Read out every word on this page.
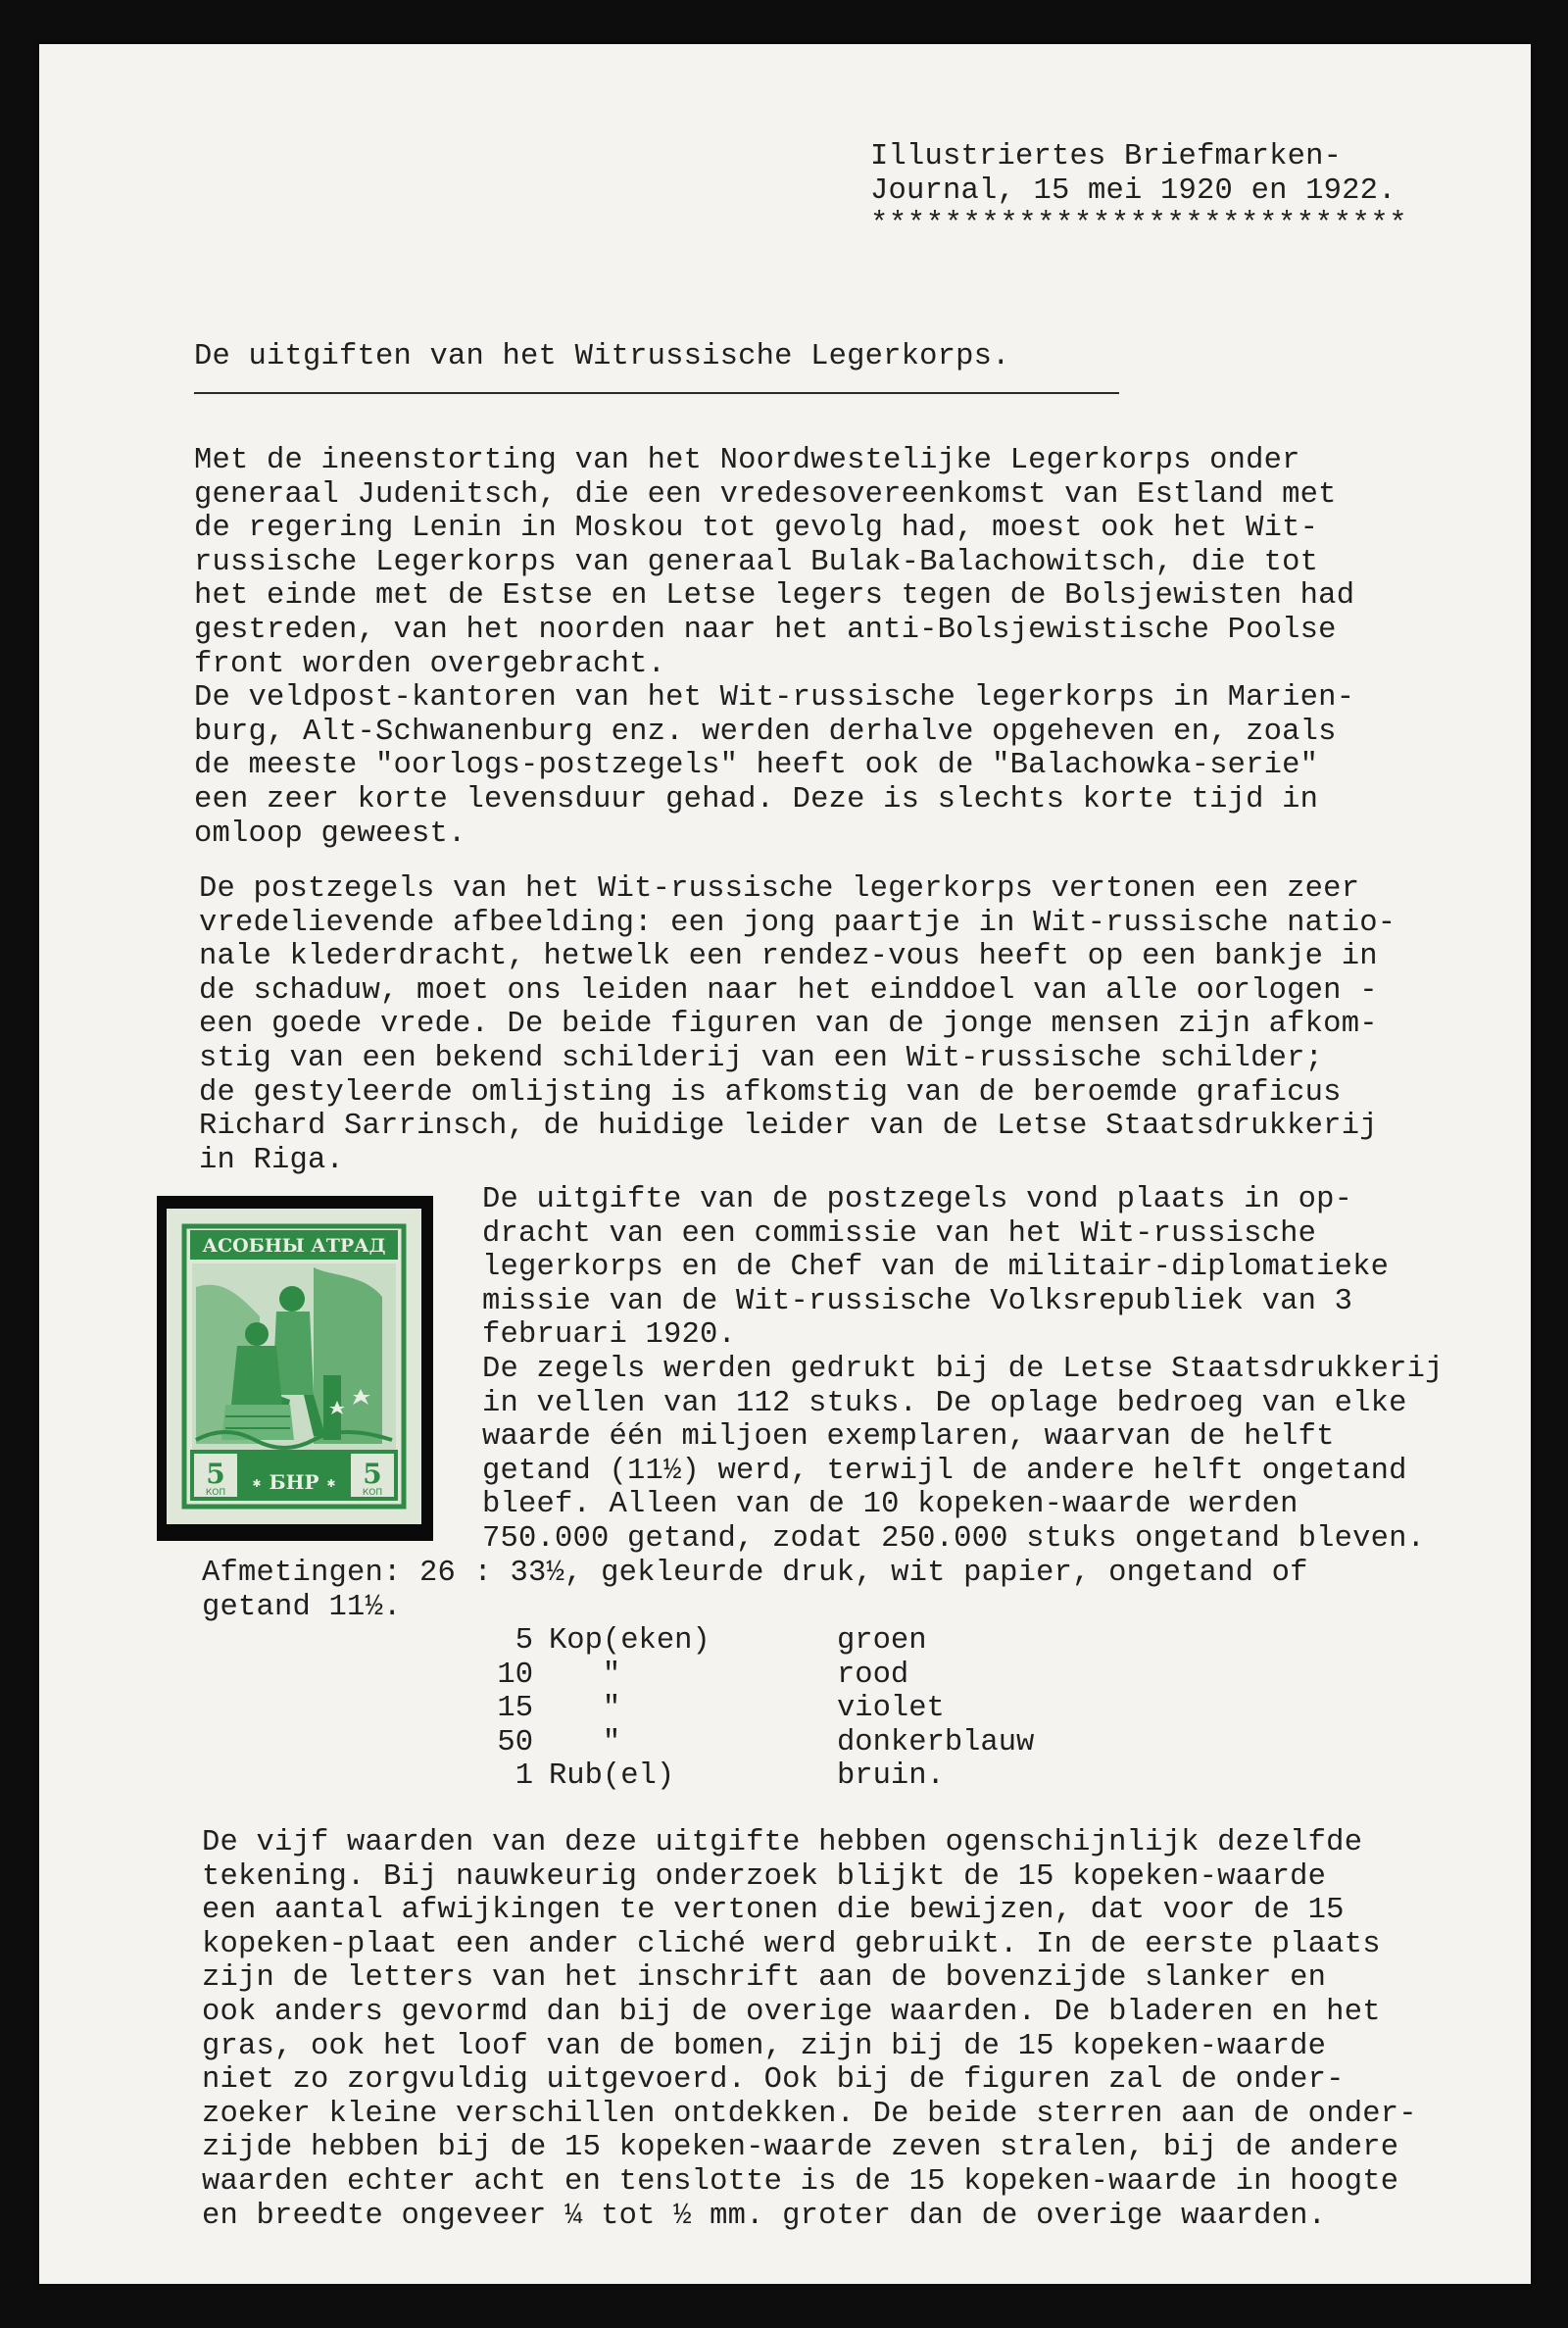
Illustriertes Briefmarken-
Journal, 15 mei 1920 en 1922.
*****************************
De uitgiften van het Witrussische Legerkorps.
Met de ineenstorting van het Noordwestelijke Legerkorps onder
generaal Judenitsch, die een vredesovereenkomst van Estland met
de regering Lenin in Moskou tot gevolg had, moest ook het Wit-
russische Legerkorps van generaal Bulak-Balachowitsch, die tot
het einde met de Estse en Letse legers tegen de Bolsjewisten had
gestreden, van het noorden naar het anti-Bolsjewistische Poolse
front worden overgebracht.
De veldpost-kantoren van het Wit-russische legerkorps in Marien-
burg, Alt-Schwanenburg enz. werden derhalve opgeheven en, zoals
de meeste "oorlogs-postzegels" heeft ook de "Balachowka-serie"
een zeer korte levensduur gehad. Deze is slechts korte tijd in
omloop geweest.
De postzegels van het Wit-russische legerkorps vertonen een zeer
vredelievende afbeelding: een jong paartje in Wit-russische natio-
nale klederdracht, hetwelk een rendez-vous heeft op een bankje in
de schaduw, moet ons leiden naar het einddoel van alle oorlogen -
een goede vrede. De beide figuren van de jonge mensen zijn afkom-
stig van een bekend schilderij van een Wit-russische schilder;
de gestyleerde omlijsting is afkomstig van de beroemde graficus
Richard Sarrinsch, de huidige leider van de Letse Staatsdrukkerij
in Riga.
АСОБНЫ АТРАД
5
КОП
5
КОП
БНР
✱	✱
De uitgifte van de postzegels vond plaats in op-
dracht van een commissie van het Wit-russische
legerkorps en de Chef van de militair-diplomatieke
missie van de Wit-russische Volksrepubliek van 3
februari 1920.
De zegels werden gedrukt bij de Letse Staatsdrukkerij
in vellen van 112 stuks. De oplage bedroeg van elke
waarde één miljoen exemplaren, waarvan de helft
getand (11½) werd, terwijl de andere helft ongetand
bleef. Alleen van de 10 kopeken-waarde werden
750.000 getand, zodat 250.000 stuks ongetand bleven.
Afmetingen: 26 : 33½, gekleurde druk, wit papier, ongetand of
getand 11½.
5 Kop(eken)	groen
10 "	rood
15 "	violet
50 "	donkerblauw
1 Rub(el)	bruin.
De vijf waarden van deze uitgifte hebben ogenschijnlijk dezelfde
tekening. Bij nauwkeurig onderzoek blijkt de 15 kopeken-waarde
een aantal afwijkingen te vertonen die bewijzen, dat voor de 15
kopeken-plaat een ander cliché werd gebruikt. In de eerste plaats
zijn de letters van het inschrift aan de bovenzijde slanker en
ook anders gevormd dan bij de overige waarden. De bladeren en het
gras, ook het loof van de bomen, zijn bij de 15 kopeken-waarde
niet zo zorgvuldig uitgevoerd. Ook bij de figuren zal de onder-
zoeker kleine verschillen ontdekken. De beide sterren aan de onder-
zijde hebben bij de 15 kopeken-waarde zeven stralen, bij de andere
waarden echter acht en tenslotte is de 15 kopeken-waarde in hoogte
en breedte ongeveer ¼ tot ½ mm. groter dan de overige waarden.
